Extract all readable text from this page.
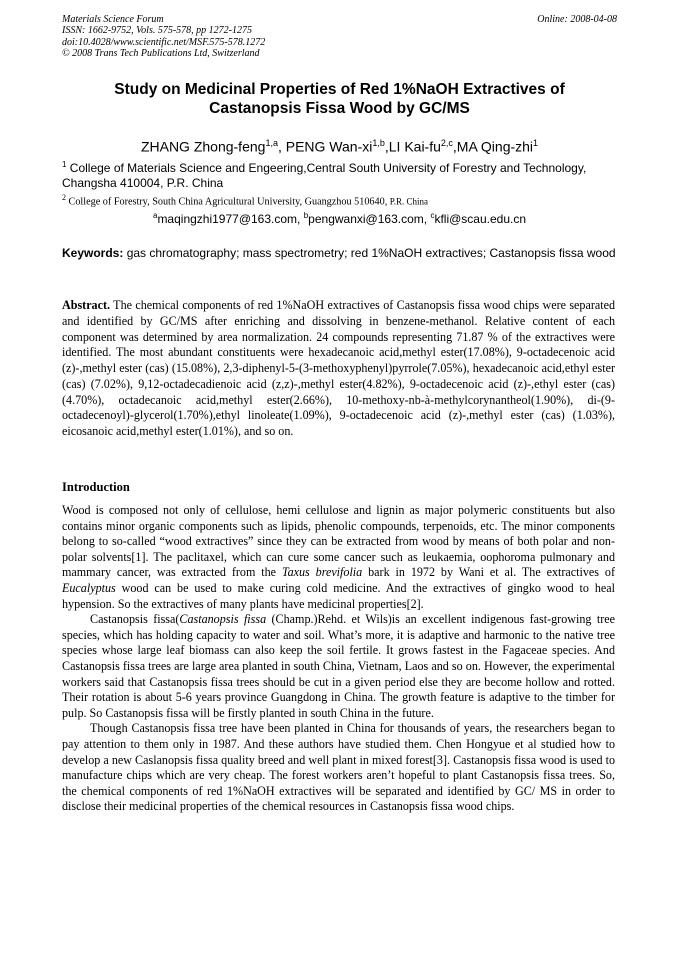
Materials Science Forum
ISSN: 1662-9752, Vols. 575-578, pp 1272-1275
doi:10.4028/www.scientific.net/MSF.575-578.1272
© 2008 Trans Tech Publications Ltd, Switzerland
Online: 2008-04-08
Study on Medicinal Properties of Red 1%NaOH Extractives of
Castanopsis Fissa Wood by GC/MS
ZHANG Zhong-feng$^{1,a}$, PENG Wan-xi$^{1,b}$,LI Kai-fu$^{2,c}$,MA Qing-zhi$^1$
$^1$ College of Materials Science and Engeering,Central South University of Forestry and Technology, Changsha 410004, P.R. China
$^2$ College of Forestry, South China Agricultural University, Guangzhou 510640, P.R. China
$^a$maqingzhi1977@163.com, $^b$pengwanxi@163.com, $^c$kfli@scau.edu.cn
Keywords: gas chromatography; mass spectrometry; red 1%NaOH extractives; Castanopsis fissa wood

Abstract. The chemical components of red 1%NaOH extractives of Castanopsis fissa wood chips were separated and identified by GC/MS after enriching and dissolving in benzene-methanol. Relative content of each component was determined by area normalization. 24 compounds representing 71.87 % of the extractives were identified. The most abundant constituents were hexadecanoic acid,methyl ester(17.08%), 9-octadecenoic acid (z)-,methyl ester (cas) (15.08%), 2,3-diphenyl-5-(3-methoxyphenyl)pyrrole(7.05%), hexadecanoic acid,ethyl ester (cas) (7.02%), 9,12-octadecadienoic acid (z,z)-,methyl ester(4.82%), 9-octadecenoic acid (z)-,ethyl ester (cas) (4.70%), octadecanoic acid,methyl ester(2.66%), 10-methoxy-nb-à-methylcorynantheol(1.90%), di-(9-octadecenoyl)-glycerol(1.70%),ethyl linoleate(1.09%), 9-octadecenoic acid (z)-,methyl ester (cas) (1.03%), eicosanoic acid,methyl ester(1.01%), and so on.

Introduction

Wood is composed not only of cellulose, hemi cellulose and lignin as major polymeric constituents but also contains minor organic components such as lipids, phenolic compounds, terpenoids, etc. The minor components belong to so-called “wood extractives” since they can be extracted from wood by means of both polar and non-polar solvents[1]. The paclitaxel, which can cure some cancer such as leukaemia, oophoroma pulmonary and mammary cancer, was extracted from the Taxus brevifolia bark in 1972 by Wani et al. The extractives of Eucalyptus wood can be used to make curing cold medicine. And the extractives of gingko wood to heal hypension. So the extractives of many plants have medicinal properties[2].

Castanopsis fissa(Castanopsis fissa (Champ.)Rehd. et Wils)is an excellent indigenous fast-growing tree species, which has holding capacity to water and soil. What’s more, it is adaptive and harmonic to the native tree species whose large leaf biomass can also keep the soil fertile. It grows fastest in the Fagaceae species. And Castanopsis fissa trees are large area planted in south China, Vietnam, Laos and so on. However, the experimental workers said that Castanopsis fissa trees should be cut in a given period else they are become hollow and rotted. Their rotation is about 5-6 years province Guangdong in China. The growth feature is adaptive to the timber for pulp. So Castanopsis fissa will be firstly planted in south China in the future.

Though Castanopsis fissa tree have been planted in China for thousands of years, the researchers began to pay attention to them only in 1987. And these authors have studied them. Chen Hongyue et al studied how to develop a new Caslanopsis fissa quality breed and well plant in mixed forest[3]. Castanopsis fissa wood is used to manufacture chips which are very cheap. The forest workers aren’t hopeful to plant Castanopsis fissa trees. So, the chemical components of red 1%NaOH extractives will be separated and identified by GC/ MS in order to disclose their medicinal properties of the chemical resources in Castanopsis fissa wood chips.
